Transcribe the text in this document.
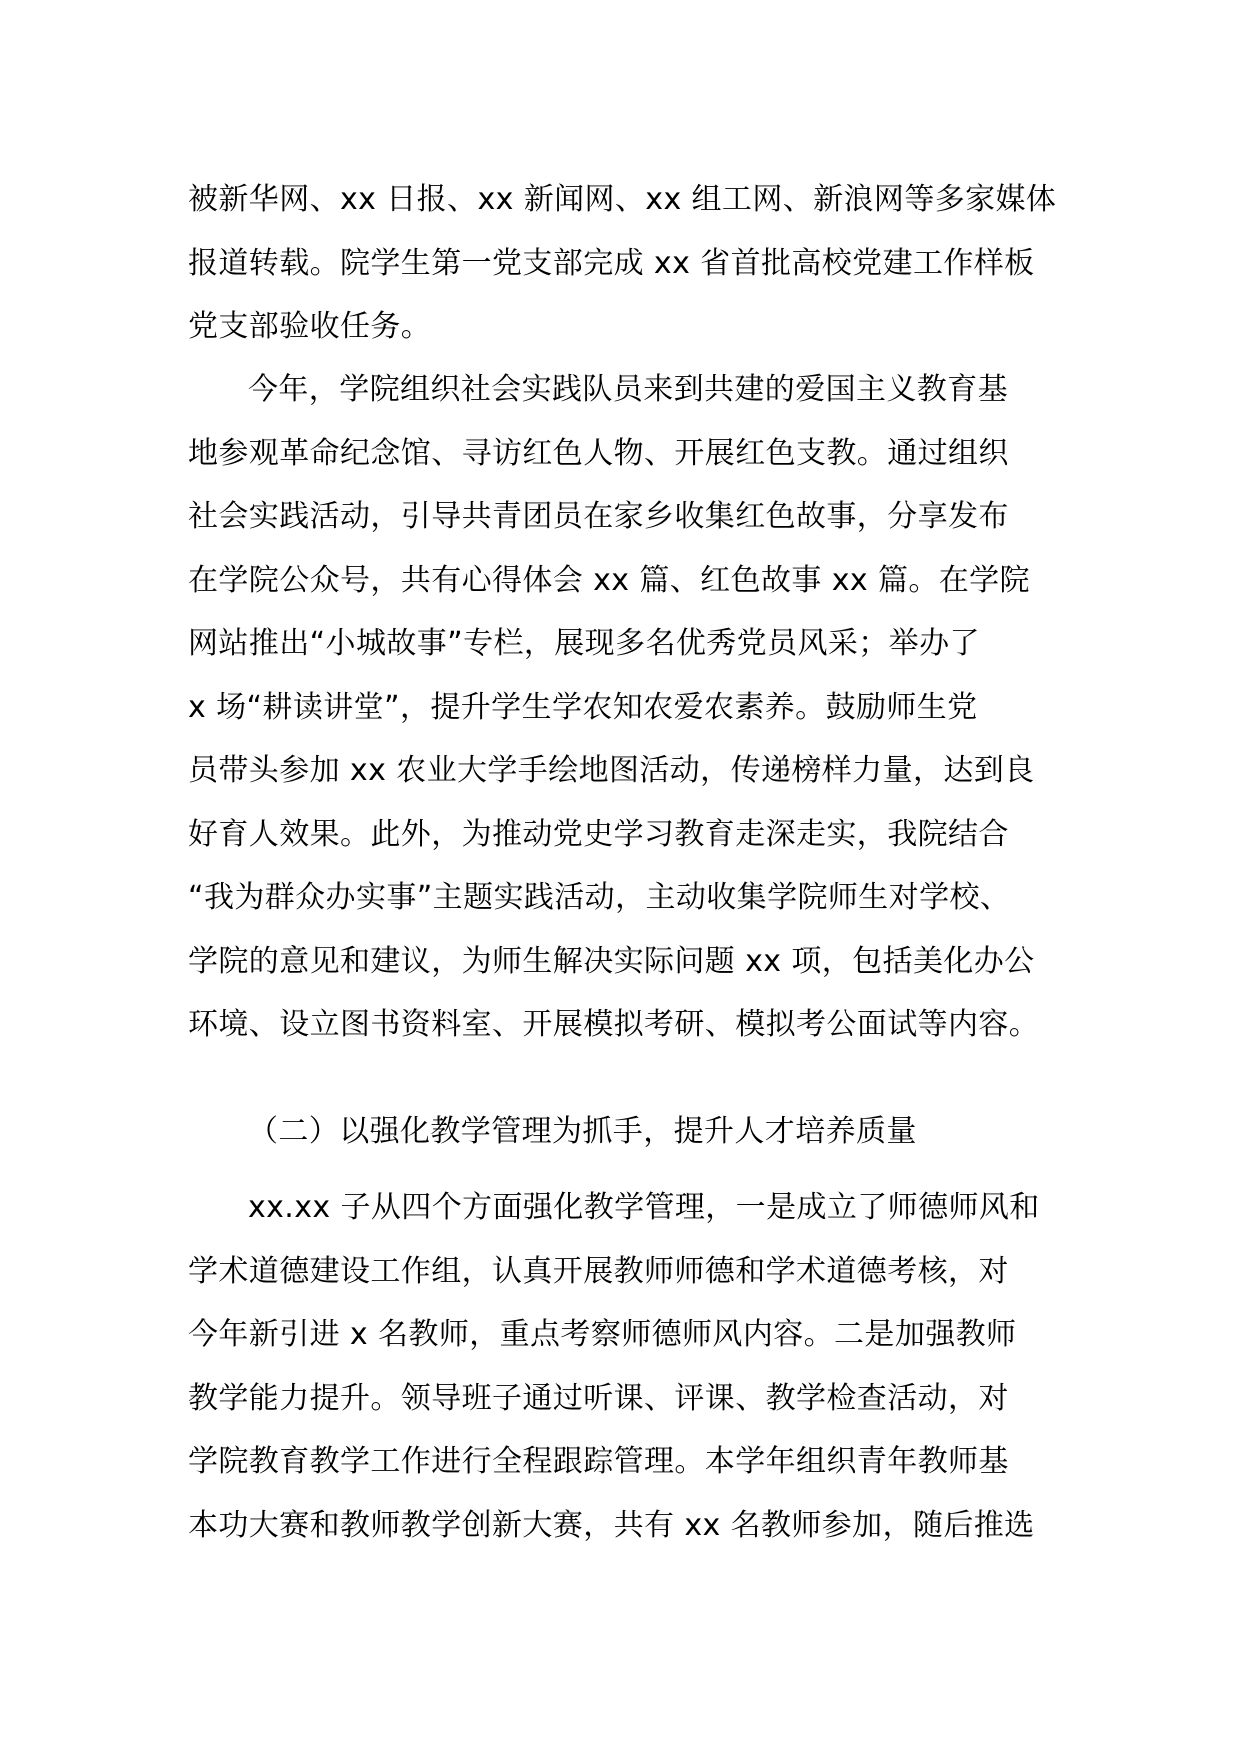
被新华网、xx 日报、xx 新闻网、xx 组工网、新浪网等多家媒体
报道转载。院学生第一党支部完成 xx 省首批高校党建工作样板
党支部验收任务。

今年，学院组织社会实践队员来到共建的爱国主义教育基
地参观革命纪念馆、寻访红色人物、开展红色支教。通过组织
社会实践活动，引导共青团员在家乡收集红色故事，分享发布
在学院公众号，共有心得体会 xx 篇、红色故事 xx 篇。在学院
网站推出“小城故事”专栏，展现多名优秀党员风采；举办了
x 场“耕读讲堂”，提升学生学农知农爱农素养。鼓励师生党
员带头参加 xx 农业大学手绘地图活动，传递榜样力量，达到良
好育人效果。此外，为推动党史学习教育走深走实，我院结合
“我为群众办实事”主题实践活动，主动收集学院师生对学校、
学院的意见和建议，为师生解决实际问题 xx 项，包括美化办公
环境、设立图书资料室、开展模拟考研、模拟考公面试等内容。

（二）以强化教学管理为抓手，提升人才培养质量

xx.xx 子从四个方面强化教学管理，一是成立了师德师风和
学术道德建设工作组，认真开展教师师德和学术道德考核，对
今年新引进 x 名教师，重点考察师德师风内容。二是加强教师
教学能力提升。领导班子通过听课、评课、教学检查活动，对
学院教育教学工作进行全程跟踪管理。本学年组织青年教师基
本功大赛和教师教学创新大赛，共有 xx 名教师参加，随后推选
